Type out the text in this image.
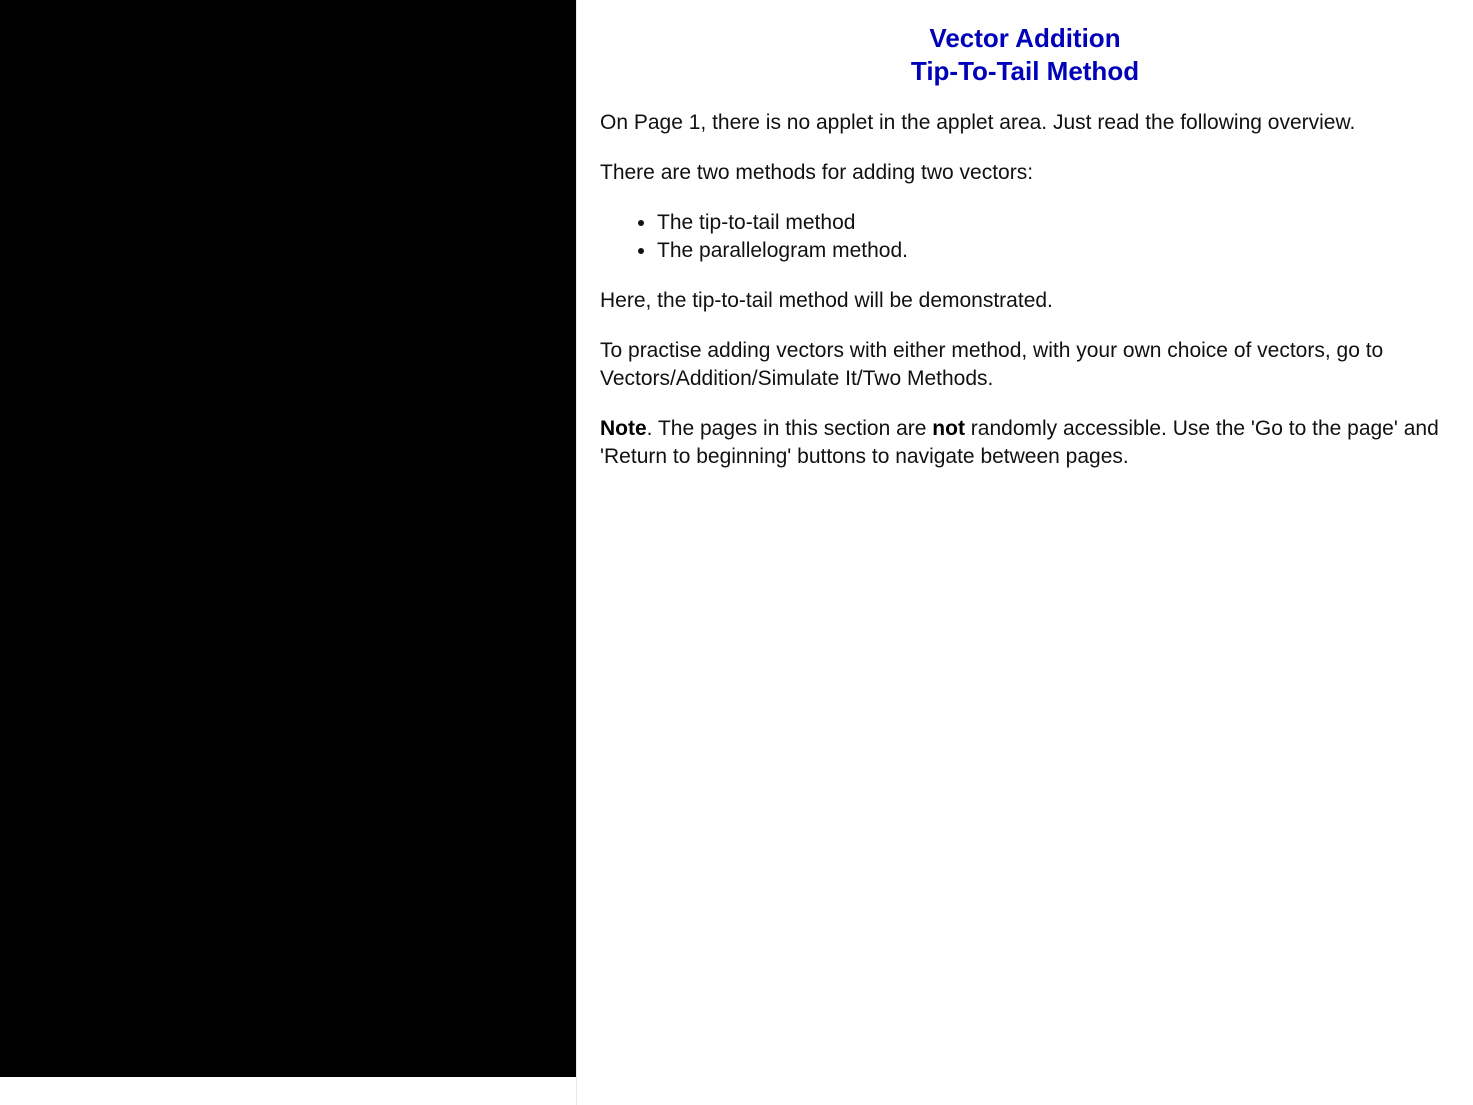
Vector Addition
Tip-To-Tail Method

On Page 1, there is no applet in the applet area. Just read the following overview.

There are two methods for adding two vectors:

• The tip-to-tail method
• The parallelogram method.

Here, the tip-to-tail method will be demonstrated.

To practise adding vectors with either method, with your own choice of vectors, go to Vectors/Addition/Simulate It/Two Methods.

Note. The pages in this section are not randomly accessible. Use the 'Go to the page' and 'Return to beginning' buttons to navigate between pages.
